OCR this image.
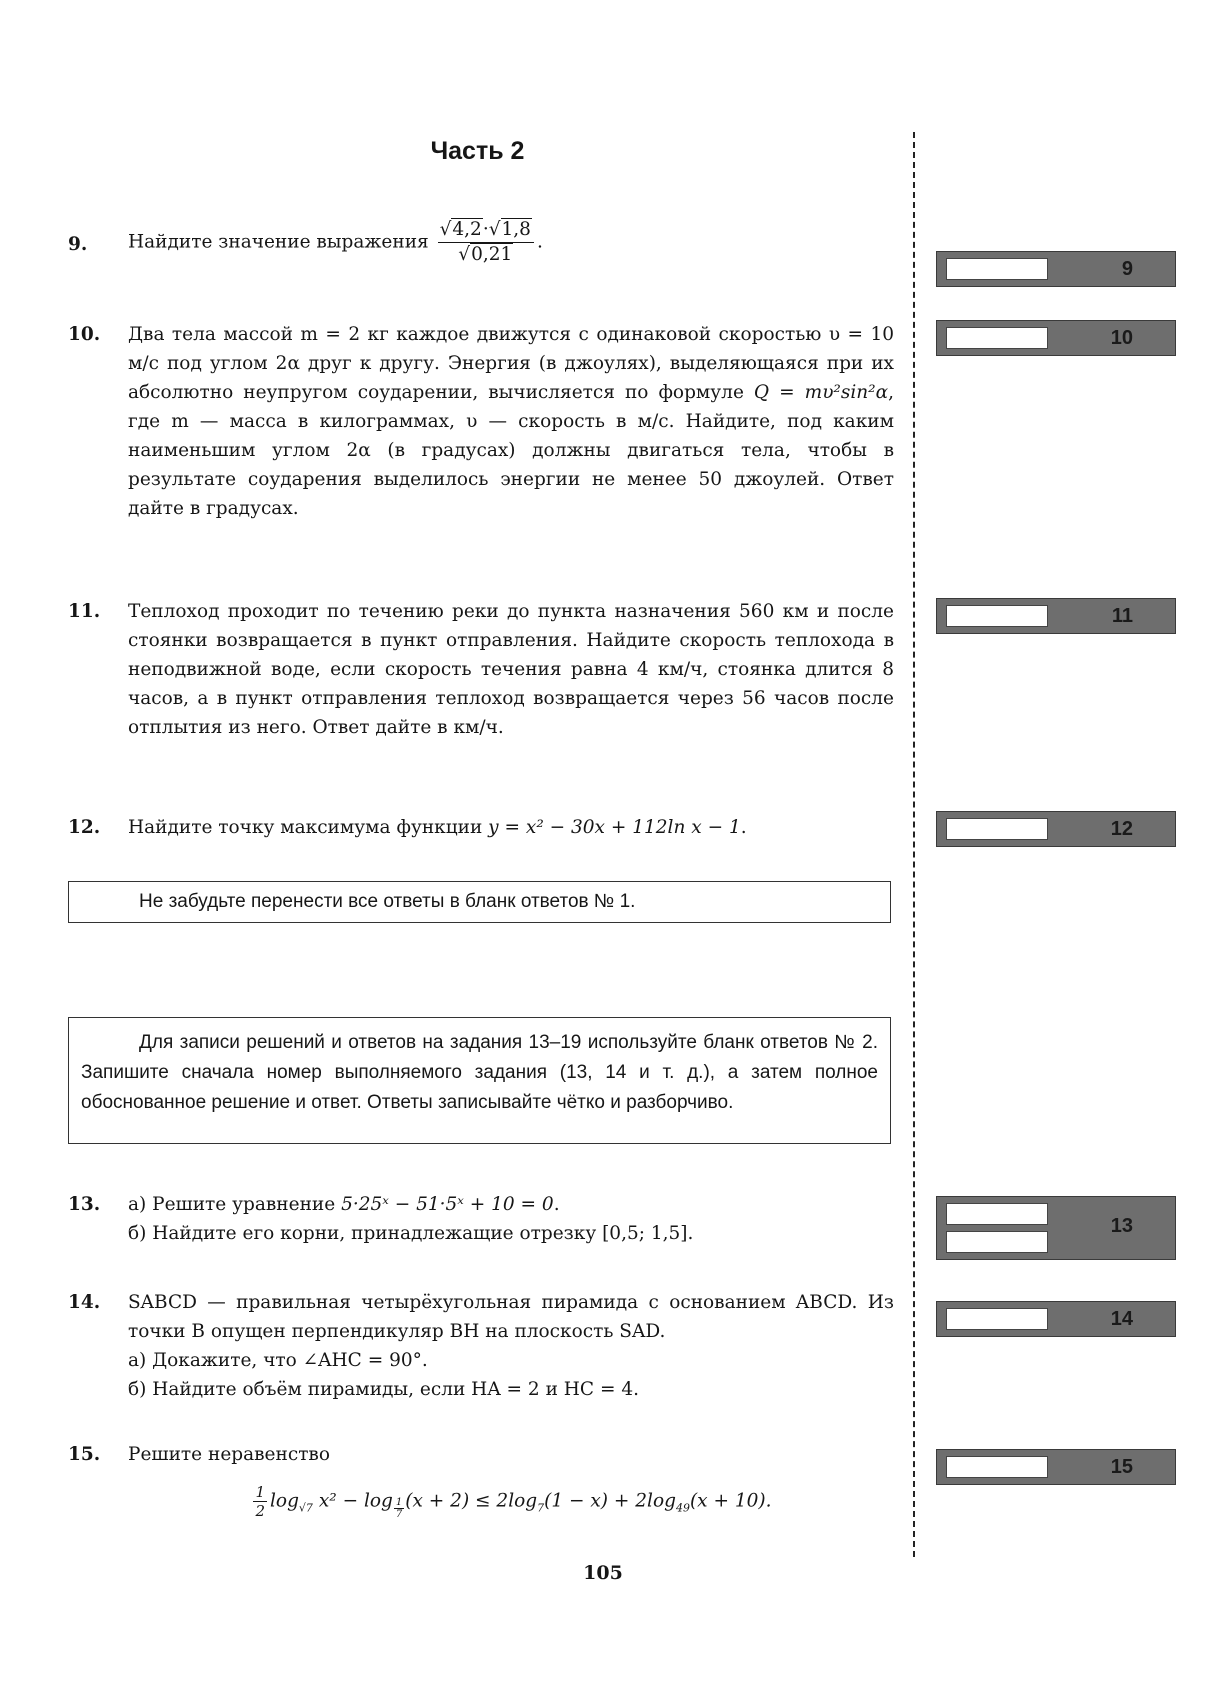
Часть 2
9. Найдите значение выражения $\frac{√4,2\cdot√1,8}{√0,21}$ .
10. Два тела массой m = 2 кг каждое движутся с одинаковой скоростью υ = 10 м/с под углом 2α друг к другу. Энергия (в джоулях), выделяющаяся при их абсолютно неупругом соударении, вычисляется по формуле Q = mυ²sin²α, где m — масса в килограммах, υ — скорость в м/с. Найдите, под каким наименьшим углом 2α (в градусах) должны двигаться тела, чтобы в результате соударения выделилось энергии не менее 50 джоулей. Ответ дайте в градусах.

11. Теплоход проходит по течению реки до пункта назначения 560 км и после стоянки возвращается в пункт отправления. Найдите скорость теплохода в неподвижной воде, если скорость течения равна 4 км/ч, стоянка длится 8 часов, а в пункт отправления теплоход возвращается через 56 часов после отплытия из него. Ответ дайте в км/ч.

12. Найдите точку максимума функции y = x² − 30x + 112ln x − 1.
Не забудьте перенести все ответы в бланк ответов № 1.
Для записи решений и ответов на задания 13–19 используйте бланк ответов № 2. Запишите сначала номер выполняемого задания (13, 14 и т. д.), а затем полное обоснованное решение и ответ. Ответы записывайте чётко и разборчиво.
13. а) Решите уравнение 5·25ˣ − 51·5ˣ + 10 = 0.

б) Найдите его корни, принадлежащие отрезку [0,5; 1,5].

14. SABCD — правильная четырёхугольная пирамида с основанием ABCD. Из точки B опущен перпендикуляр BH на плоскость SAD.

а) Докажите, что ∠AHC = 90°.

б) Найдите объём пирамиды, если HA = 2 и HC = 4.

15. Решите неравенство

$\frac{1}{2} \log_{√7} x^2 - \log \frac{1}{7} (x + 2) \le 2\log_7(1 - x) + 2\log_{49}(x + 10)$.
9
10
11
12
13
14
15
105
